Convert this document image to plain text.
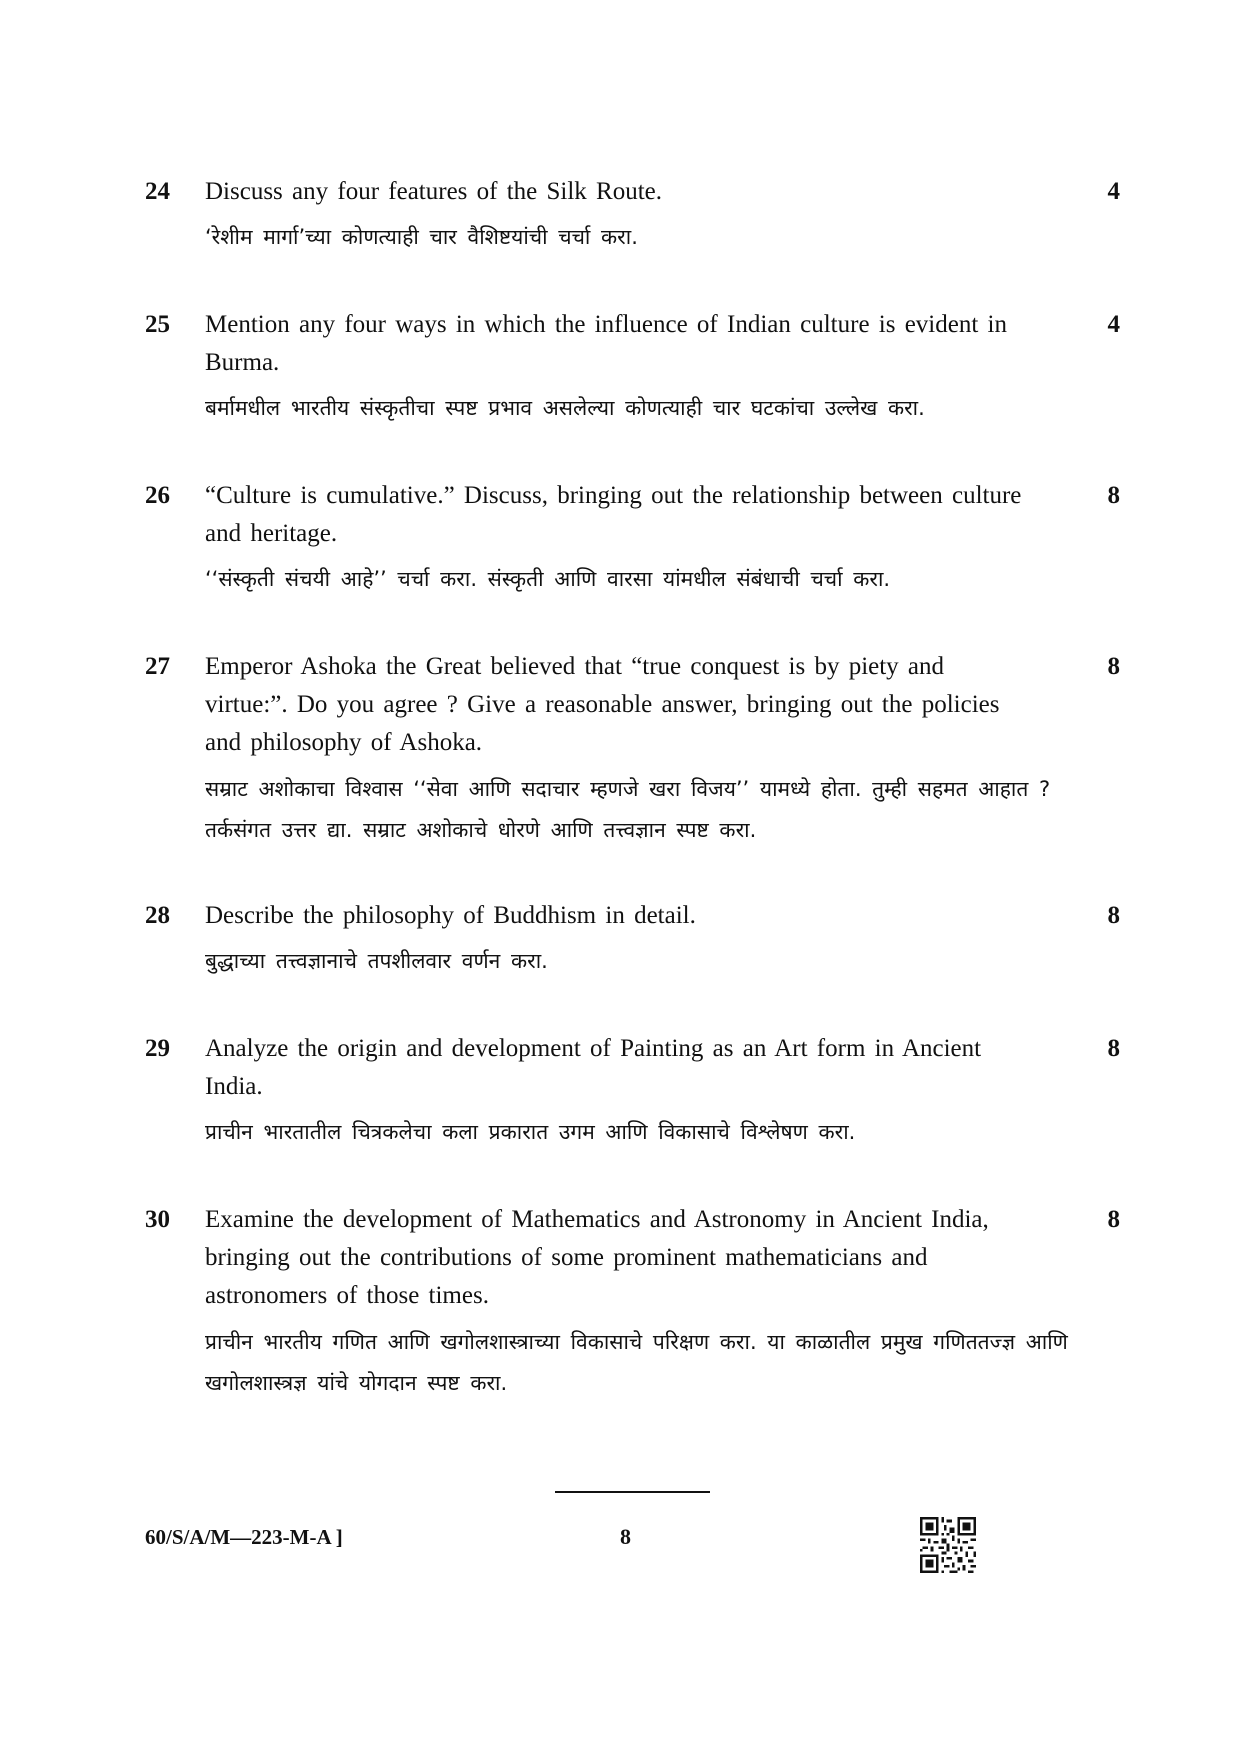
24 Discuss any four features of the Silk Route.
‘रेशीम मार्गा’च्या कोणत्याही चार वैशिष्टयांची चर्चा करा.
4
25 Mention any four ways in which the influence of Indian culture is evident in Burma.
बर्मामधील भारतीय संस्कृतीचा स्पष्ट प्रभाव असलेल्या कोणत्याही चार घटकांचा उल्लेख करा.
4
26 “Culture is cumulative.” Discuss, bringing out the relationship between culture and heritage.
‘‘संस्कृती संचयी आहे’’ चर्चा करा. संस्कृती आणि वारसा यांमधील संबंधाची चर्चा करा.
8
27 Emperor Ashoka the Great believed that “true conquest is by piety and virtue:”. Do you agree ? Give a reasonable answer, bringing out the policies and philosophy of Ashoka.
सम्राट अशोकाचा विश्वास ‘‘सेवा आणि सदाचार म्हणजे खरा विजय’’ यामध्ये होता. तुम्ही सहमत आहात ? तर्कसंगत उत्तर द्या. सम्राट अशोकाचे धोरणे आणि तत्त्वज्ञान स्पष्ट करा.
8
28 Describe the philosophy of Buddhism in detail.
बुद्धाच्या तत्त्वज्ञानाचे तपशीलवार वर्णन करा.
8
29 Analyze the origin and development of Painting as an Art form in Ancient India.
प्राचीन भारतातील चित्रकलेचा कला प्रकारात उगम आणि विकासाचे विश्लेषण करा.
8
30 Examine the development of Mathematics and Astronomy in Ancient India, bringing out the contributions of some prominent mathematicians and astronomers of those times.
प्राचीन भारतीय गणित आणि खगोलशास्त्राच्या विकासाचे परिक्षण करा. या काळातील प्रमुख गणिततज्ज्ञ आणि खगोलशास्त्रज्ञ यांचे योगदान स्पष्ट करा.
8
60/S/A/M—223-M-A ]	8
